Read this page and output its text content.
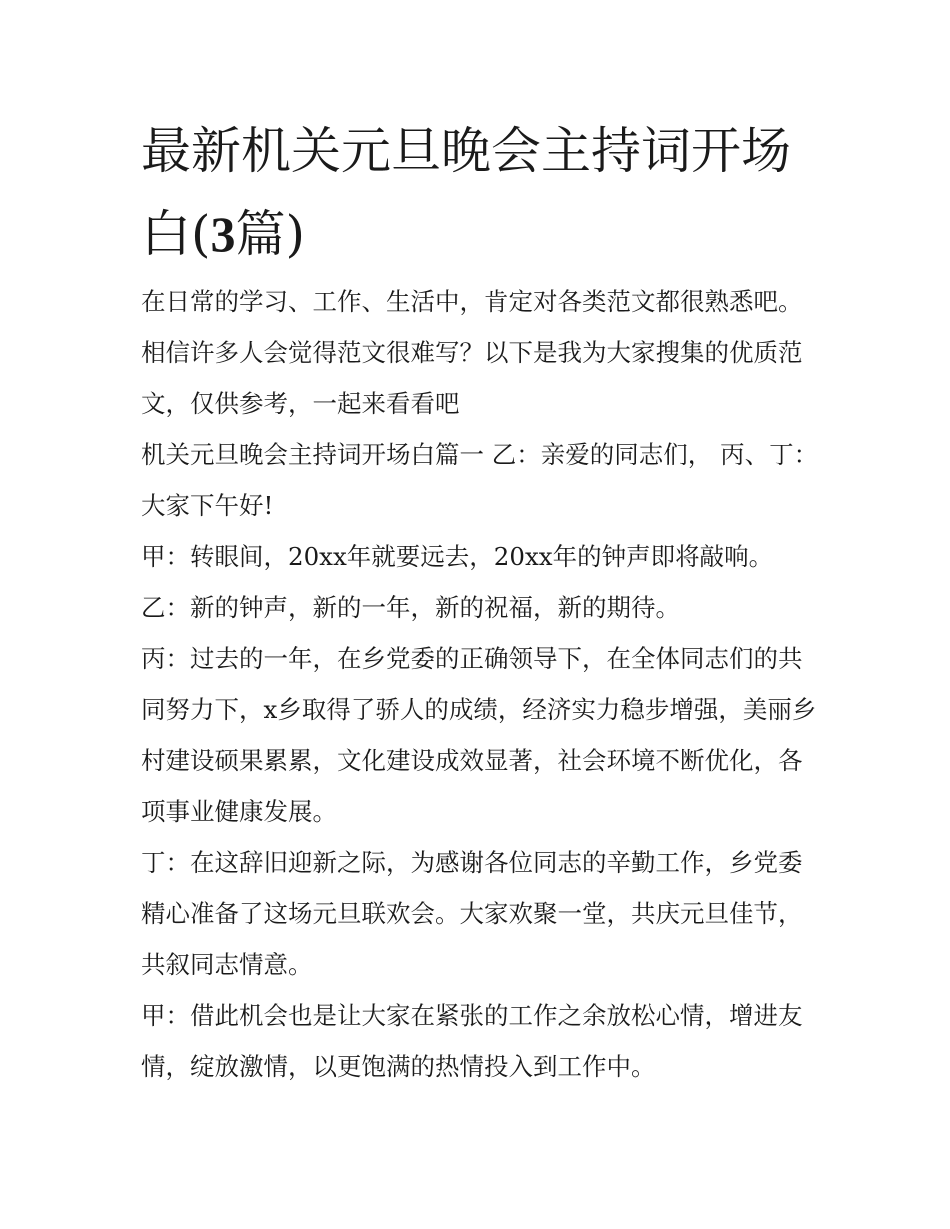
最新机关元旦晚会主持词开场白(3篇)

在日常的学习、工作、生活中，肯定对各类范文都很熟悉吧。相信许多人会觉得范文很难写？以下是我为大家搜集的优质范文，仅供参考，一起来看看吧

机关元旦晚会主持词开场白篇一 乙：亲爱的同志们， 丙、丁：大家下午好!

甲：转眼间，20xx年就要远去，20xx年的钟声即将敲响。

乙：新的钟声，新的一年，新的祝福，新的期待。

丙：过去的一年，在乡党委的正确领导下，在全体同志们的共同努力下，x乡取得了骄人的成绩，经济实力稳步增强，美丽乡村建设硕果累累，文化建设成效显著，社会环境不断优化，各项事业健康发展。

丁：在这辞旧迎新之际，为感谢各位同志的辛勤工作，乡党委精心准备了这场元旦联欢会。大家欢聚一堂，共庆元旦佳节，共叙同志情意。

甲：借此机会也是让大家在紧张的工作之余放松心情，增进友情，绽放激情，以更饱满的热情投入到工作中。
